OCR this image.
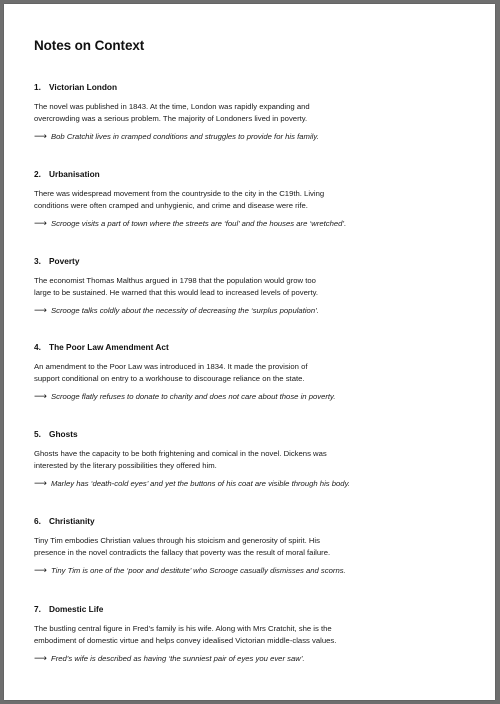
Notes on Context
1. Victorian London
The novel was published in 1843. At the time, London was rapidly expanding and
overcrowding was a serious problem. The majority of Londoners lived in poverty.
⟶ Bob Cratchit lives in cramped conditions and struggles to provide for his family.
2. Urbanisation
There was widespread movement from the countryside to the city in the C19th. Living
conditions were often cramped and unhygienic, and crime and disease were rife.
⟶ Scrooge visits a part of town where the streets are ‘foul’ and the houses are ‘wretched’.
3. Poverty
The economist Thomas Malthus argued in 1798 that the population would grow too
large to be sustained. He warned that this would lead to increased levels of poverty.
⟶ Scrooge talks coldly about the necessity of decreasing the ‘surplus population’.
4. The Poor Law Amendment Act
An amendment to the Poor Law was introduced in 1834. It made the provision of
support conditional on entry to a workhouse to discourage reliance on the state.
⟶ Scrooge flatly refuses to donate to charity and does not care about those in poverty.
5. Ghosts
Ghosts have the capacity to be both frightening and comical in the novel. Dickens was
interested by the literary possibilities they offered him.
⟶ Marley has ‘death-cold eyes’ and yet the buttons of his coat are visible through his body.
6. Christianity
Tiny Tim embodies Christian values through his stoicism and generosity of spirit. His
presence in the novel contradicts the fallacy that poverty was the result of moral failure.
⟶ Tiny Tim is one of the ‘poor and destitute’ who Scrooge casually dismisses and scorns.
7. Domestic Life
The bustling central figure in Fred’s family is his wife. Along with Mrs Cratchit, she is the
embodiment of domestic virtue and helps convey idealised Victorian middle-class values.
⟶ Fred’s wife is described as having ‘the sunniest pair of eyes you ever saw’.
